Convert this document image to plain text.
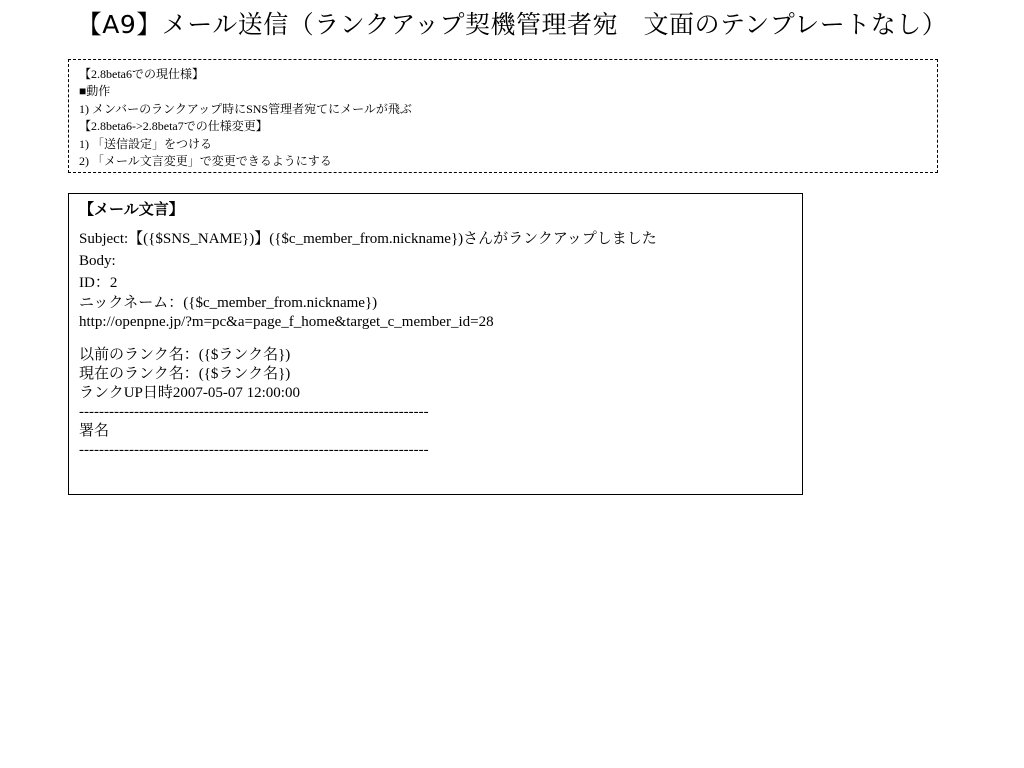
【A9】メール送信（ランクアップ契機管理者宛　文面のテンプレートなし）
【2.8beta6での現仕様】
■動作
1) メンバーのランクアップ時にSNS管理者宛てにメールが飛ぶ
【2.8beta6->2.8beta7での仕様変更】
1) 「送信設定」をつける
2) 「メール文言変更」で変更できるようにする
【メール文言】
Subject:【({$SNS_NAME})】({$c_member_from.nickname})さんがランクアップしました
Body:
ID：2
ニックネーム：({$c_member_from.nickname})
http://openpne.jp/?m=pc&a=page_f_home&target_c_member_id=28
以前のランク名：({$ランク名})
現在のランク名：({$ランク名})
ランクUP日時2007-05-07 12:00:00
----------------------------------------------------------------------
署名
----------------------------------------------------------------------
